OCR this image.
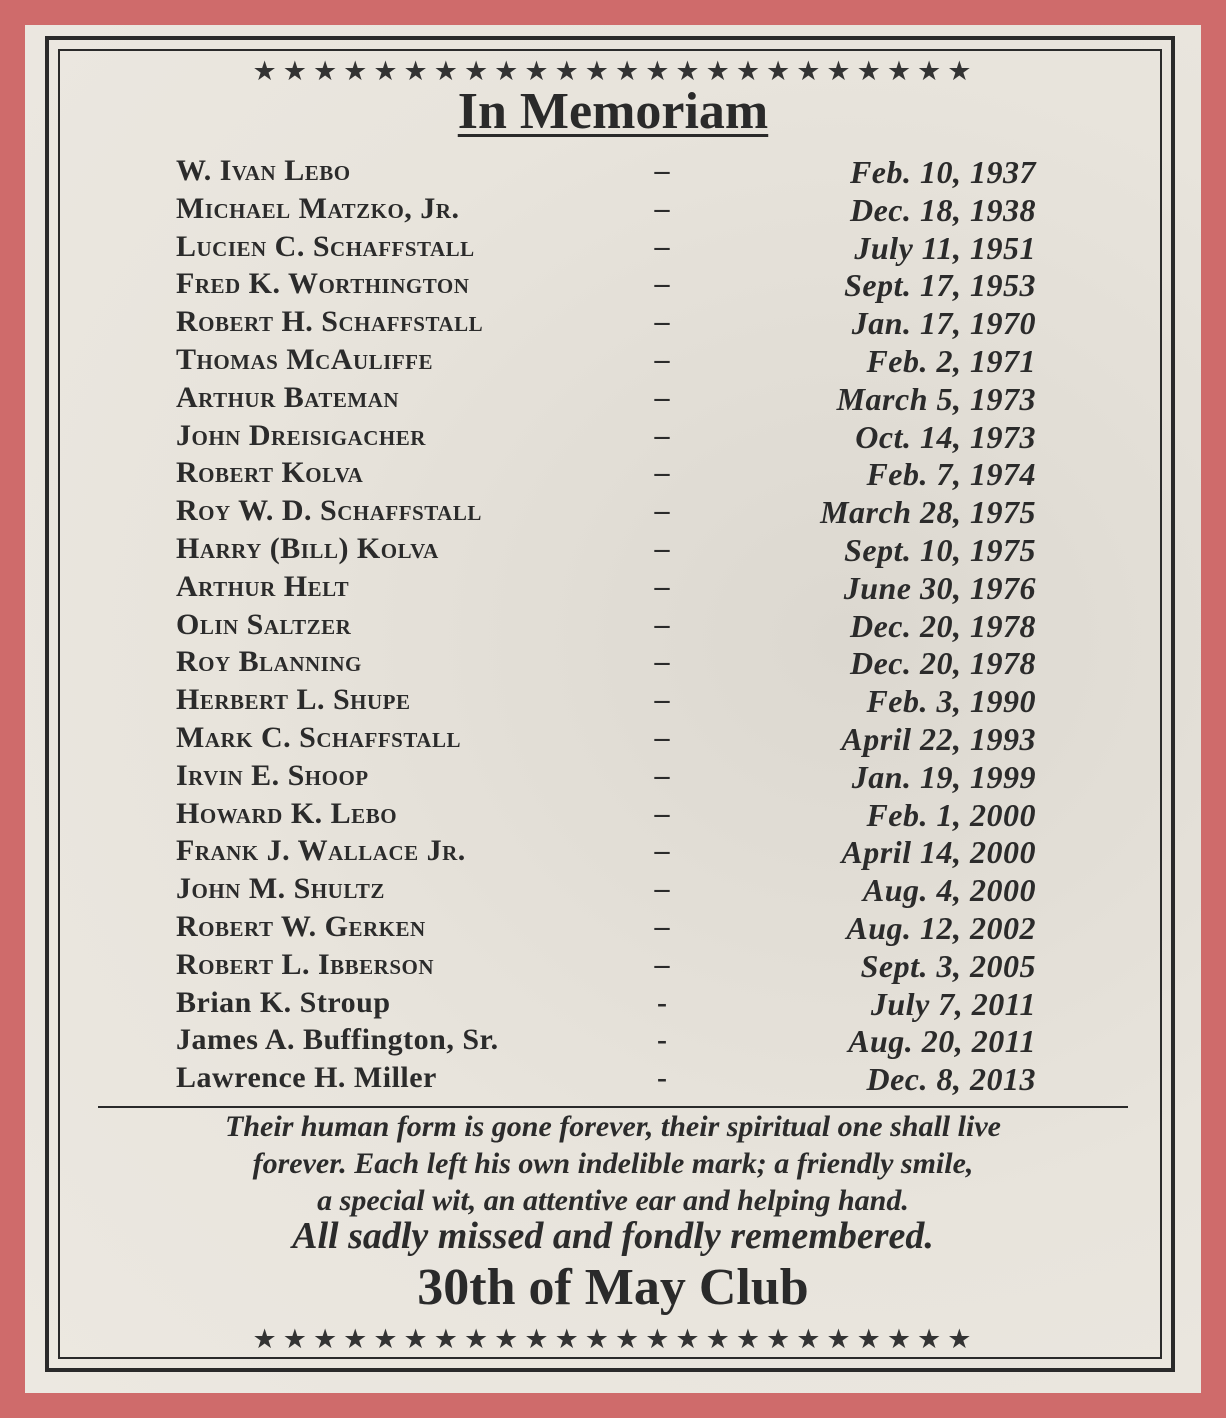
★★★★★★★★★★★★★★★★★★★★★★★★
In Memoriam
W. Ivan Lebo	–	Feb. 10, 1937
Michael Matzko, Jr.	–	Dec. 18, 1938
Lucien C. Schaffstall	–	July 11, 1951
Fred K. Worthington	–	Sept. 17, 1953
Robert H. Schaffstall	–	Jan. 17, 1970
Thomas McAuliffe	–	Feb. 2, 1971
Arthur Bateman	–	March 5, 1973
John Dreisigacher	–	Oct. 14, 1973
Robert Kolva	–	Feb. 7, 1974
Roy W. D. Schaffstall	–	March 28, 1975
Harry (Bill) Kolva	–	Sept. 10, 1975
Arthur Helt	–	June 30, 1976
Olin Saltzer	–	Dec. 20, 1978
Roy Blanning	–	Dec. 20, 1978
Herbert L. Shupe	–	Feb. 3, 1990
Mark C. Schaffstall	–	April 22, 1993
Irvin E. Shoop	–	Jan. 19, 1999
Howard K. Lebo	–	Feb. 1, 2000
Frank J. Wallace Jr.	–	April 14, 2000
John M. Shultz	–	Aug. 4, 2000
Robert W. Gerken	–	Aug. 12, 2002
Robert L. Ibberson	–	Sept. 3, 2005
Brian K. Stroup	-	July 7, 2011
James A. Buffington, Sr.	-	Aug. 20, 2011
Lawrence H. Miller	-	Dec. 8, 2013
Their human form is gone forever, their spiritual one shall live
forever. Each left his own indelible mark; a friendly smile,
a special wit, an attentive ear and helping hand.
All sadly missed and fondly remembered.
30th of May Club
★★★★★★★★★★★★★★★★★★★★★★★★
